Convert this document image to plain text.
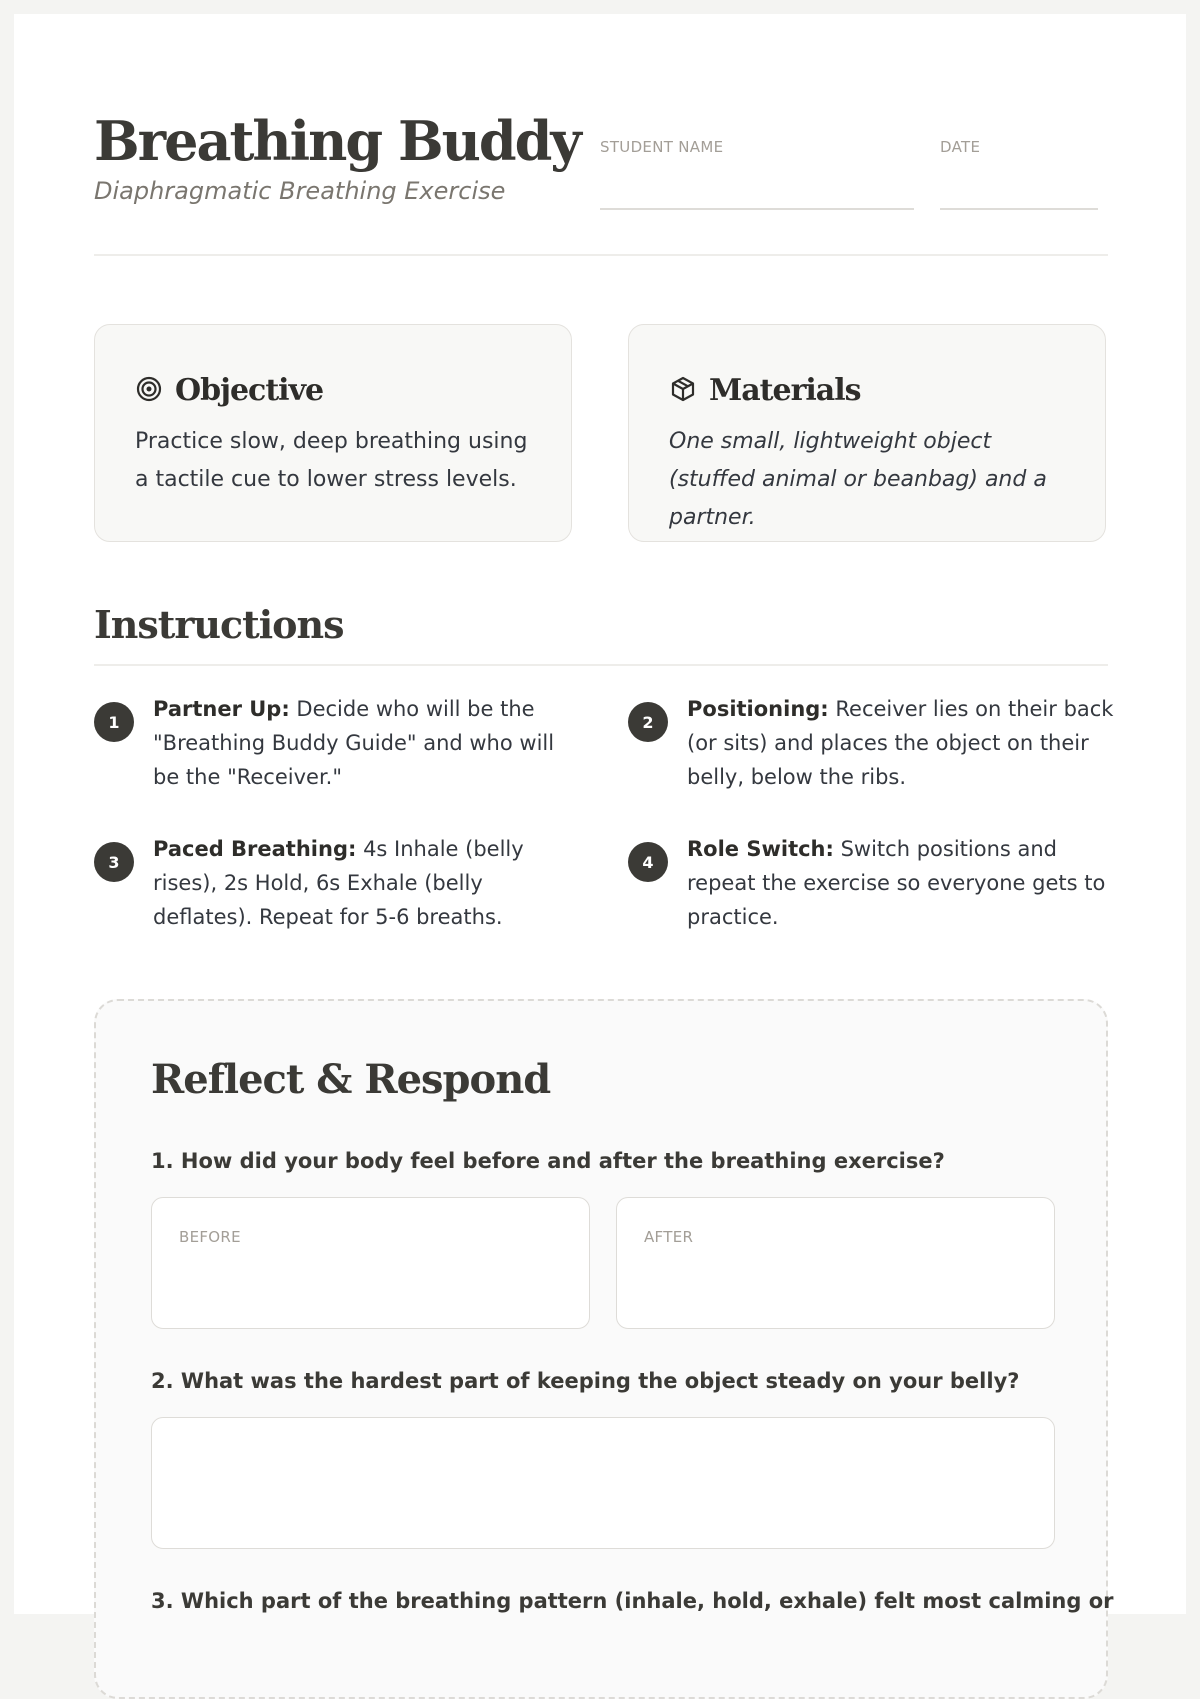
Breathing Buddy
Diaphragmatic Breathing Exercise
STUDENT NAME	DATE
Objective
Practice slow, deep breathing using a tactile cue to lower stress levels.
Materials
One small, lightweight object (stuffed animal or beanbag) and a partner.
Instructions
1
Partner Up: Decide who will be the "Breathing Buddy Guide" and who will be the "Receiver."
2
Positioning: Receiver lies on their back (or sits) and places the object on their belly, below the ribs.
3
Paced Breathing: 4s Inhale (belly rises), 2s Hold, 6s Exhale (belly deflates). Repeat for 5-6 breaths.
4
Role Switch: Switch positions and repeat the exercise so everyone gets to practice.
Reflect & Respond
1. How did your body feel before and after the breathing exercise?
BEFORE	AFTER
2. What was the hardest part of keeping the object steady on your belly?
3. Which part of the breathing pattern (inhale, hold, exhale) felt most calming or
